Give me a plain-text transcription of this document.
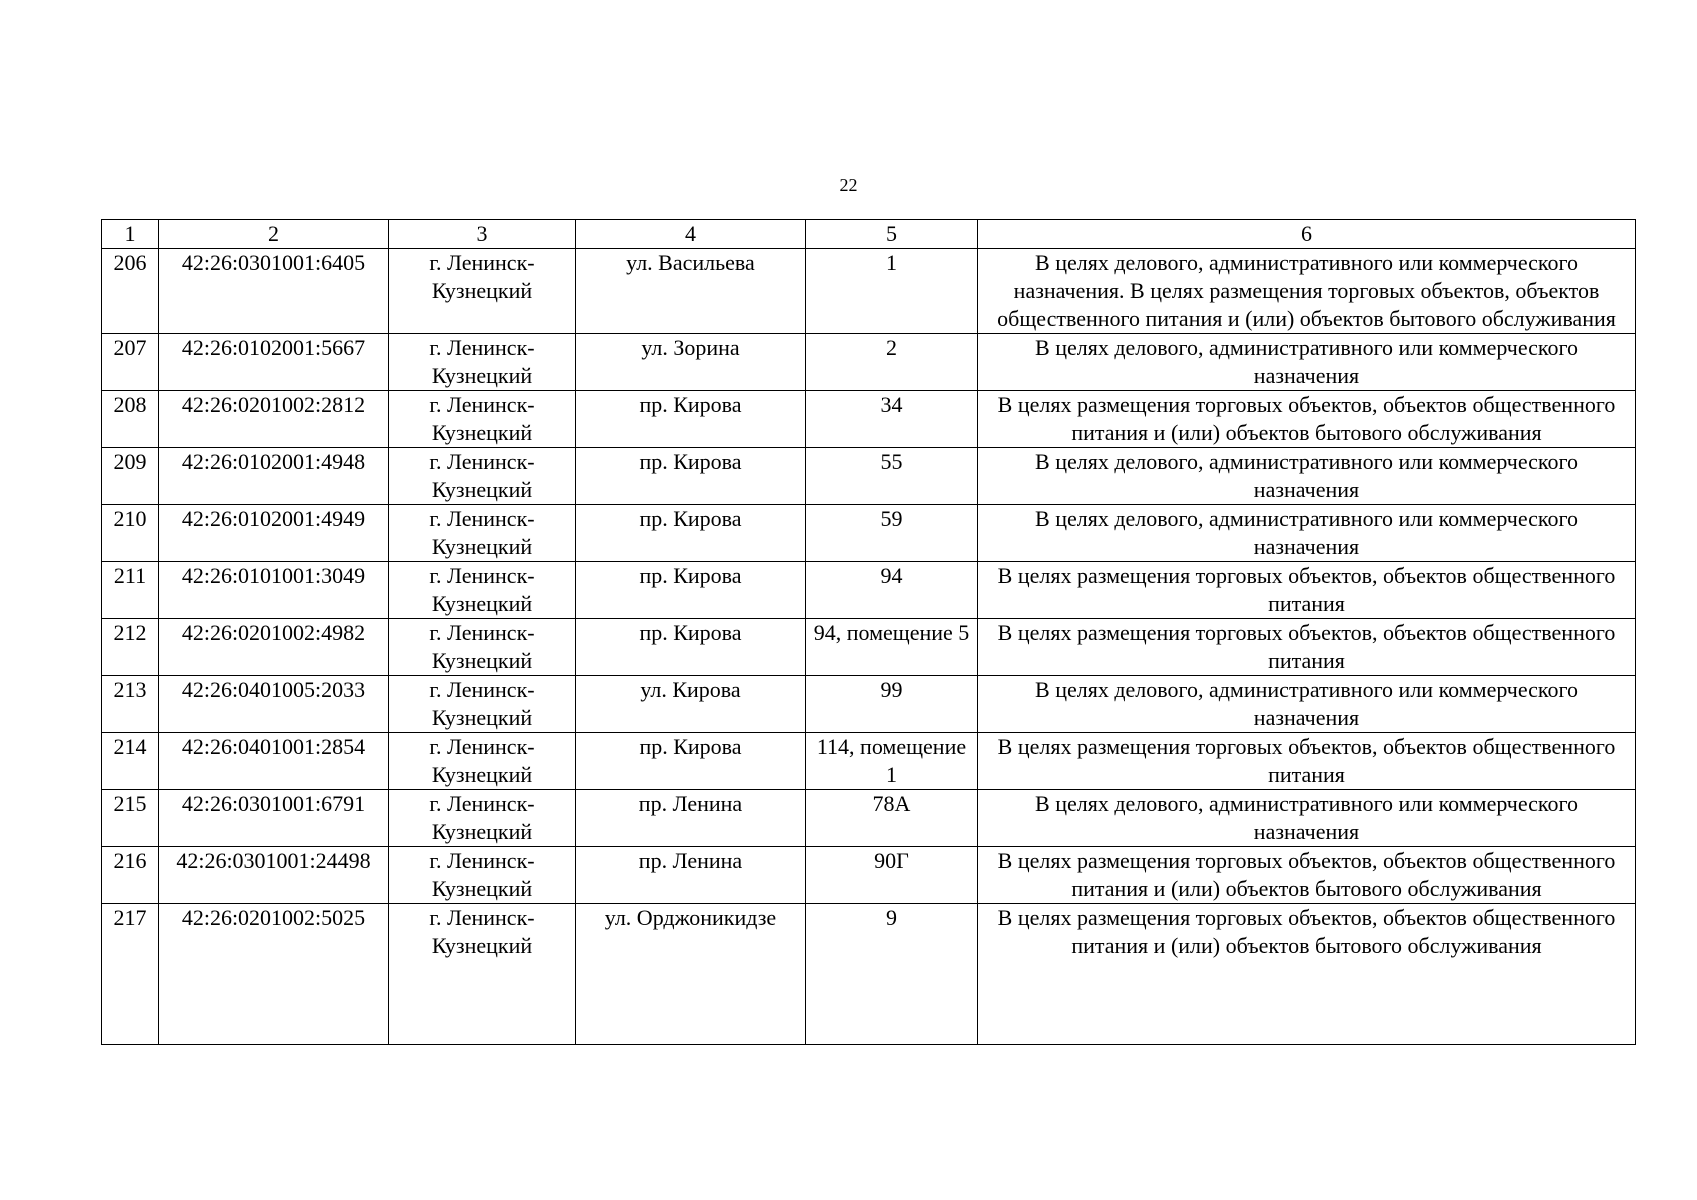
22
1	2	3	4	5	6
206	42:26:0301001:6405	г. Ленинск-Кузнецкий	ул. Васильева	1	В целях делового, административного или коммерческого назначения. В целях размещения торговых объектов, объектов общественного питания и (или) объектов бытового обслуживания
207	42:26:0102001:5667	г. Ленинск-Кузнецкий	ул. Зорина	2	В целях делового, административного или коммерческого назначения
208	42:26:0201002:2812	г. Ленинск-Кузнецкий	пр. Кирова	34	В целях размещения торговых объектов, объектов общественного питания и (или) объектов бытового обслуживания
209	42:26:0102001:4948	г. Ленинск-Кузнецкий	пр. Кирова	55	В целях делового, административного или коммерческого назначения
210	42:26:0102001:4949	г. Ленинск-Кузнецкий	пр. Кирова	59	В целях делового, административного или коммерческого назначения
211	42:26:0101001:3049	г. Ленинск-Кузнецкий	пр. Кирова	94	В целях размещения торговых объектов, объектов общественного питания
212	42:26:0201002:4982	г. Ленинск-Кузнецкий	пр. Кирова	94, помещение 5	В целях размещения торговых объектов, объектов общественного питания
213	42:26:0401005:2033	г. Ленинск-Кузнецкий	ул. Кирова	99	В целях делового, административного или коммерческого назначения
214	42:26:0401001:2854	г. Ленинск-Кузнецкий	пр. Кирова	114, помещение 1	В целях размещения торговых объектов, объектов общественного питания
215	42:26:0301001:6791	г. Ленинск-Кузнецкий	пр. Ленина	78А	В целях делового, административного или коммерческого назначения
216	42:26:0301001:24498	г. Ленинск-Кузнецкий	пр. Ленина	90Г	В целях размещения торговых объектов, объектов общественного питания и (или) объектов бытового обслуживания
217	42:26:0201002:5025	г. Ленинск-Кузнецкий	ул. Орджоникидзе	9	В целях размещения торговых объектов, объектов общественного питания и (или) объектов бытового обслуживания
